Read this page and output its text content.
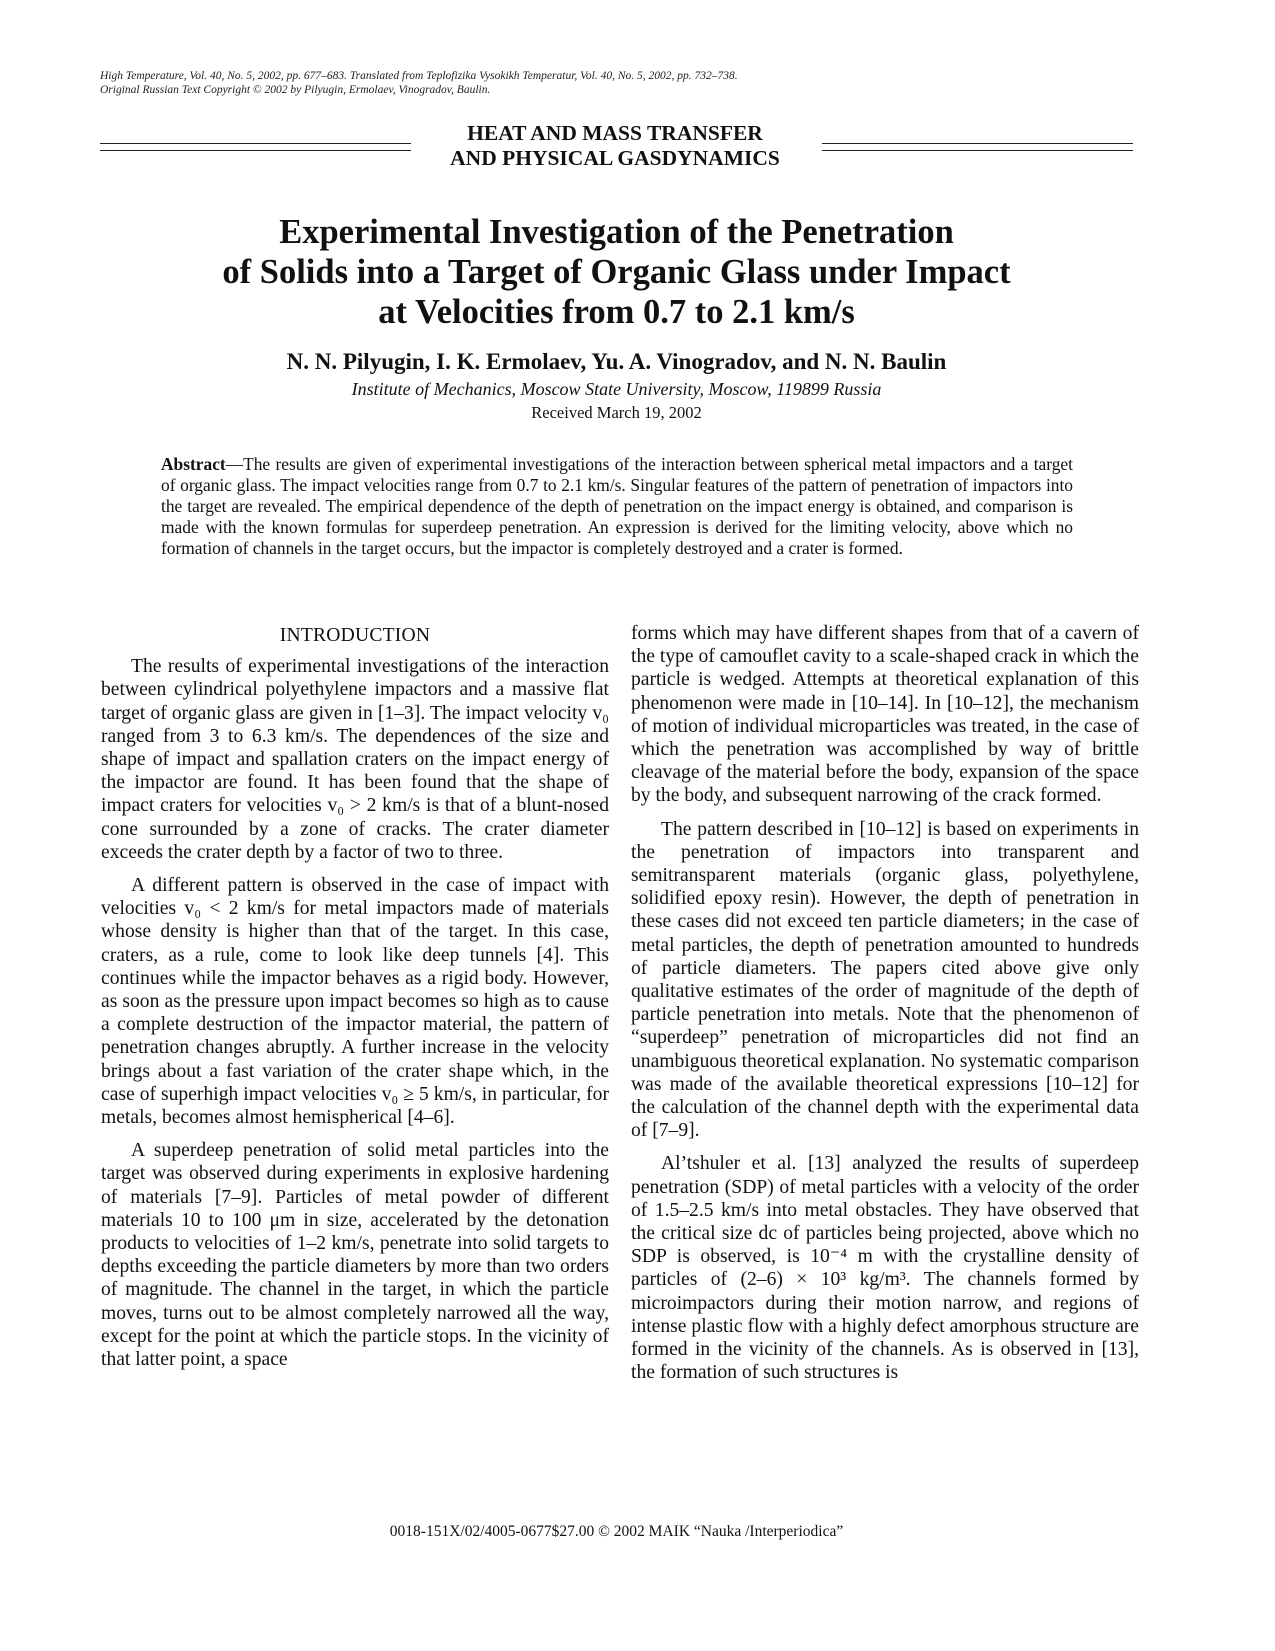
High Temperature, Vol. 40, No. 5, 2002, pp. 677–683. Translated from Teplofizika Vysokikh Temperatur, Vol. 40, No. 5, 2002, pp. 732–738.
Original Russian Text Copyright © 2002 by Pilyugin, Ermolaev, Vinogradov, Baulin.
HEAT AND MASS TRANSFER
AND PHYSICAL GASDYNAMICS
Experimental Investigation of the Penetration
of Solids into a Target of Organic Glass under Impact
at Velocities from 0.7 to 2.1 km/s
N. N. Pilyugin, I. K. Ermolaev, Yu. A. Vinogradov, and N. N. Baulin
Institute of Mechanics, Moscow State University, Moscow, 119899 Russia
Received March 19, 2002
Abstract—The results are given of experimental investigations of the interaction between spherical metal impactors and a target of organic glass. The impact velocities range from 0.7 to 2.1 km/s. Singular features of the pattern of penetration of impactors into the target are revealed. The empirical dependence of the depth of penetration on the impact energy is obtained, and comparison is made with the known formulas for superdeep penetration. An expression is derived for the limiting velocity, above which no formation of channels in the target occurs, but the impactor is completely destroyed and a crater is formed.
INTRODUCTION

The results of experimental investigations of the interaction between cylindrical polyethylene impactors and a massive flat target of organic glass are given in [1–3]. The impact velocity v₀ ranged from 3 to 6.3 km/s. The dependences of the size and shape of impact and spallation craters on the impact energy of the impactor are found. It has been found that the shape of impact craters for velocities v₀ > 2 km/s is that of a blunt-nosed cone surrounded by a zone of cracks. The crater diameter exceeds the crater depth by a factor of two to three.

A different pattern is observed in the case of impact with velocities v₀ < 2 km/s for metal impactors made of materials whose density is higher than that of the target. In this case, craters, as a rule, come to look like deep tunnels [4]. This continues while the impactor behaves as a rigid body. However, as soon as the pressure upon impact becomes so high as to cause a complete destruction of the impactor material, the pattern of penetration changes abruptly. A further increase in the velocity brings about a fast variation of the crater shape which, in the case of superhigh impact velocities v₀ ≥ 5 km/s, in particular, for metals, becomes almost hemispherical [4–6].

A superdeep penetration of solid metal particles into the target was observed during experiments in explosive hardening of materials [7–9]. Particles of metal powder of different materials 10 to 100 μm in size, accelerated by the detonation products to velocities of 1–2 km/s, penetrate into solid targets to depths exceeding the particle diameters by more than two orders of magnitude. The channel in the target, in which the particle moves, turns out to be almost completely narrowed all the way, except for the point at which the particle stops. In the vicinity of that latter point, a space

forms which may have different shapes from that of a cavern of the type of camouflet cavity to a scale-shaped crack in which the particle is wedged. Attempts at theoretical explanation of this phenomenon were made in [10–14]. In [10–12], the mechanism of motion of individual microparticles was treated, in the case of which the penetration was accomplished by way of brittle cleavage of the material before the body, expansion of the space by the body, and subsequent narrowing of the crack formed.

The pattern described in [10–12] is based on experiments in the penetration of impactors into transparent and semitransparent materials (organic glass, polyethylene, solidified epoxy resin). However, the depth of penetration in these cases did not exceed ten particle diameters; in the case of metal particles, the depth of penetration amounted to hundreds of particle diameters. The papers cited above give only qualitative estimates of the order of magnitude of the depth of particle penetration into metals. Note that the phenomenon of “superdeep” penetration of microparticles did not find an unambiguous theoretical explanation. No systematic comparison was made of the available theoretical expressions [10–12] for the calculation of the channel depth with the experimental data of [7–9].

Al’tshuler et al. [13] analyzed the results of superdeep penetration (SDP) of metal particles with a velocity of the order of 1.5–2.5 km/s into metal obstacles. They have observed that the critical size dc of particles being projected, above which no SDP is observed, is 10⁻⁴ m with the crystalline density of particles of (2–6) × 10³ kg/m³. The channels formed by microimpactors during their motion narrow, and regions of intense plastic flow with a highly defect amorphous structure are formed in the vicinity of the channels. As is observed in [13], the formation of such structures is

0018-151X/02/4005-0677$27.00 © 2002 MAIK “Nauka /Interperiodica”
